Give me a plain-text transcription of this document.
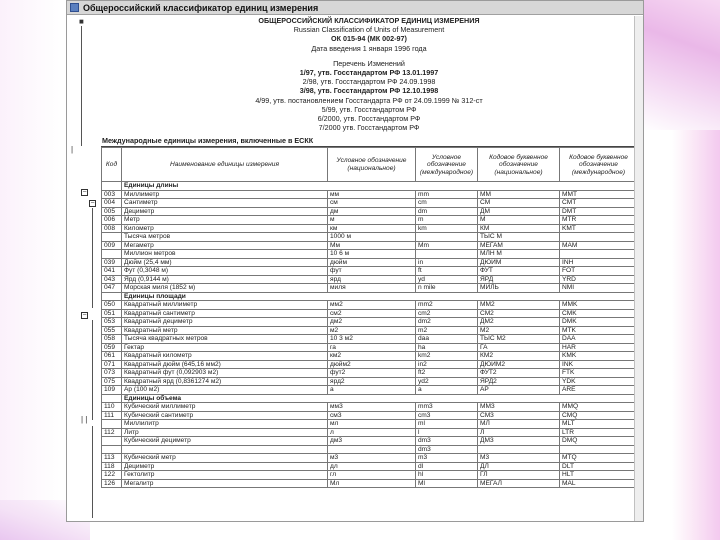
Общероссийский классификатор единиц измерения
■
|
−
−
−
| |
ОБЩЕРОССИЙСКИЙ КЛАССИФИКАТОР ЕДИНИЦ ИЗМЕРЕНИЯ
Russian Classification of Units of Measurement
ОК 015-94 (МК 002-97)
Дата введения 1 января 1996 года
Перечень Изменений
1/97, утв. Госстандартом РФ 13.01.1997
2/98, утв. Госстандартом РФ 24.09.1998
3/98, утв. Госстандартом РФ 12.10.1998
4/99, утв. постановлением Госстандарта РФ от 24.09.1999 № 312-ст
5/99, утв. Госстандартом РФ
6/2000, утв. Госстандартом РФ
7/2000 утв. Госстандартом РФ
Международные единицы измерения, включенные в ЕСКК
Код	Наименование единицы измерения	Условное обозначение (национальное)	Условное обозначение (международное)	Кодовое буквенное обозначение (национальное)	Кодовое буквенное обозначение (международное)
	Единицы длины				
003	Миллиметр	мм	mm	ММ	MMT
004	Сантиметр	см	cm	СМ	CMT
005	Дециметр	дм	dm	ДМ	DMT
006	Метр	м	m	М	MTR
008	Километр	км	km	КМ	KMT
	Тысяча метров	1000 м		ТЫС М	
009	Мегаметр	Мм	Mm	МЕГАМ	MAM
	Миллион метров	10 6 м		МЛН М	
039	Дюйм (25,4 мм)	дюйм	in	ДЮЙМ	INH
041	Фут (0,3048 м)	фут	ft	ФУТ	FOT
043	Ярд (0,9144 м)	ярд	yd	ЯРД	YRD
047	Морская миля (1852 м)	миля	n mile	МИЛЬ	NMI
	Единицы площади				
050	Квадратный миллиметр	мм2	mm2	ММ2	MMK
051	Квадратный сантиметр	см2	cm2	СМ2	CMK
053	Квадратный дециметр	дм2	dm2	ДМ2	DMK
055	Квадратный метр	м2	m2	М2	MTK
058	Тысяча квадратных метров	10 3 м2	daa	ТЫС М2	DAA
059	Гектар	га	ha	ГА	HAR
061	Квадратный километр	км2	km2	КМ2	KMK
071	Квадратный дюйм (645,16 мм2)	дюйм2	in2	ДЮЙМ2	INK
073	Квадратный фут (0,092903 м2)	фут2	ft2	ФУТ2	FTK
075	Квадратный ярд (0,8361274 м2)	ярд2	yd2	ЯРД2	YDK
109	Ар (100 м2)	а	a	АР	ARE
	Единицы объема				
110	Кубический миллиметр	мм3	mm3	ММ3	MMQ
111	Кубический сантиметр	см3	cm3	СМ3	CMQ
	Миллилитр	мл	ml	МЛ	MLT
112	Литр	л	l	Л	LTR
	Кубический дециметр	дм3	dm3	ДМ3	DMQ
			dm3		
113	Кубический метр	м3	m3	М3	MTQ
118	Дециметр	дл	dl	ДЛ	DLT
122	Гектолитр	гл	hl	ГЛ	HLT
126	Мегалитр	Мл	Ml	МЕГАЛ	MAL
